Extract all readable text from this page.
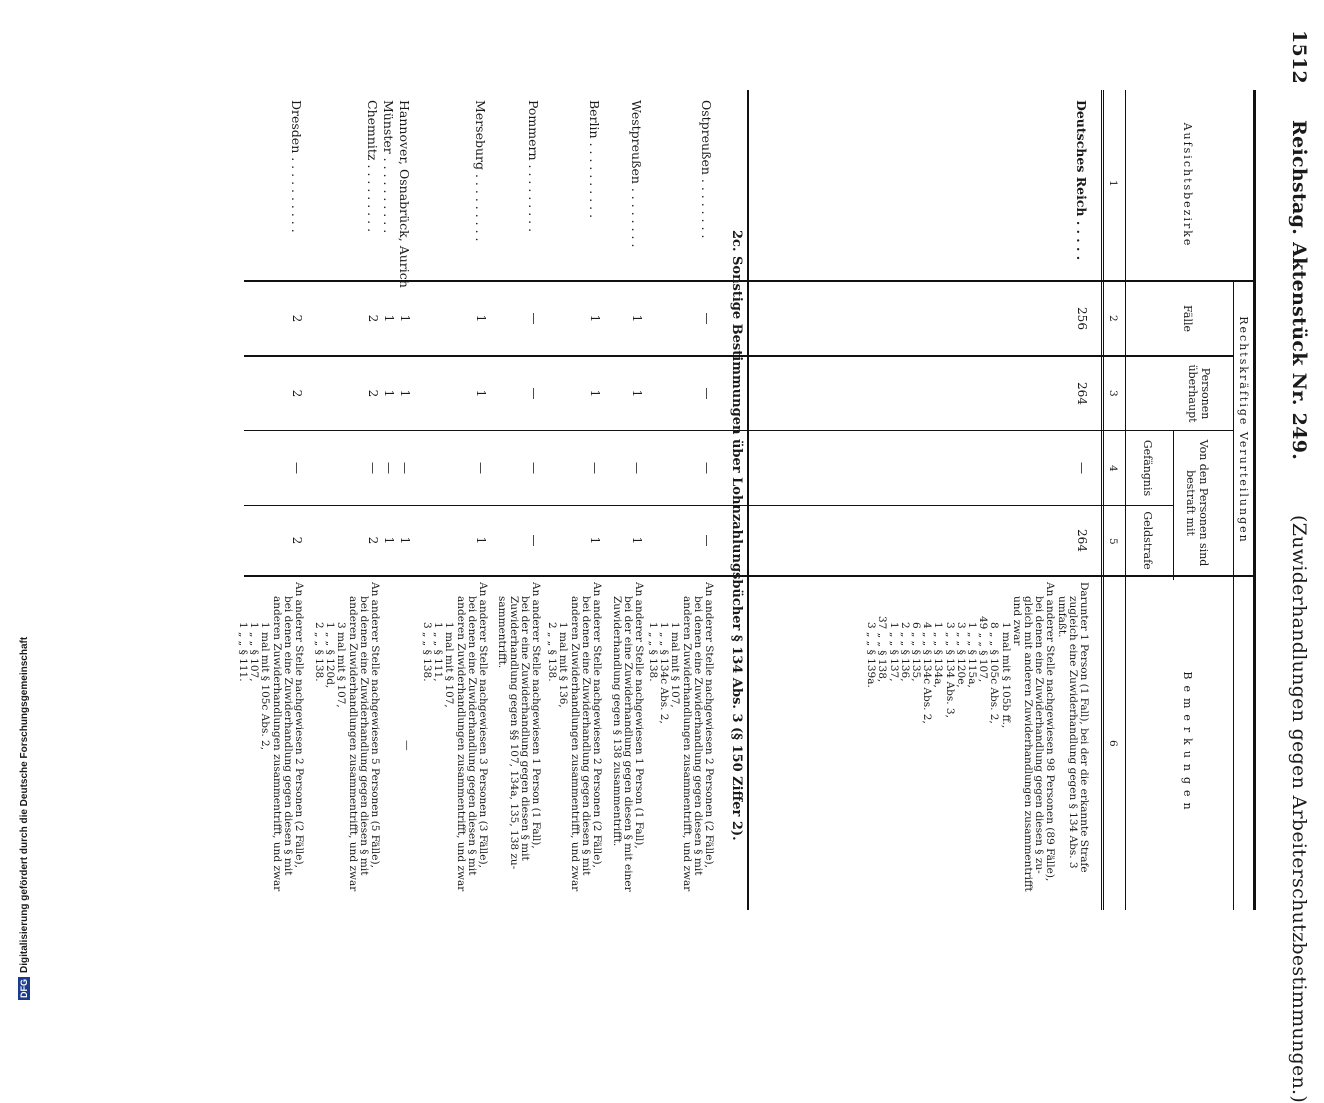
1512
Reichstag. Aktenstück Nr. 249.
(Zuwiderhandlungen gegen Arbeiterschutzbestimmungen.)
Aufsichtsbezirke
Rechtskräftige Verurteilungen
Fälle
Personen überhaupt
Von den Personen sind bestraft mit
Gefängnis
Geldstrafe
Bemerkungen
1
2
3
4
5
6
Deutsches Reich . . . . .
256
264
—
264
Darunter 1 Person (1 Fall), bei der die erkannte Strafe
zugleich eine Zuwiderhandlung gegen § 134 Abs. 3
umfaßt.
An anderer Stelle nachgewiesen 98 Personen (89 Fälle),
bei denen eine Zuwiderhandlung gegen diesen § zu-
gleich mit anderen Zuwiderhandlungen zusammentrifft
und zwar
1 mal mit § 105b ff.,
8 „ „ § 105c Abs. 2,
49 „ „ § 107,
1 „ „ § 115a,
3 „ „ § 120e,
3 „ „ § 134 Abs. 3,
1 „ „ § 134a,
4 „ „ § 134c Abs. 2,
6 „ „ § 135,
2 „ „ § 136,
1 „ „ § 137,
37 „ „ § 138,
3 „ „ § 139a.
2c. Sonstige Bestimmungen über Lohnzahlungsbücher § 134 Abs. 3 (§ 150 Ziffer 2).
Ostpreußen . . . . . . . .
—
—
—
—
An anderer Stelle nachgewiesen 2 Personen (2 Fälle),
bei denen eine Zuwiderhandlung gegen diesen § mit
anderen Zuwiderhandlungen zusammentrifft, und zwar
1 mal mit § 107,
1 „ „ § 134c Abs. 2,
1 „ „ § 138.
Westpreußen . . . . . . . .
1
1
—
1
An anderer Stelle nachgewiesen 1 Person (1 Fall),
bei der eine Zuwiderhandlung gegen diesen § mit einer
Zuwiderhandlung gegen § 138 zusammentrifft.
Berlin . . . . . . . . . .
1
1
—
1
An anderer Stelle nachgewiesen 2 Personen (2 Fälle),
bei denen eine Zuwiderhandlung gegen diesen § mit
anderen Zuwiderhandlungen zusammentrifft, und zwar
1 mal mit § 136,
2 „ „ § 138.
Pommern . . . . . . . . .
—
—
—
—
An anderer Stelle nachgewiesen 1 Person (1 Fall),
bei der eine Zuwiderhandlung gegen diesen § mit
Zuwiderhandlung gegen §§ 107, 134a, 135, 138 zu-
sammentrifft.
Merseburg . . . . . . . . .
1
1
—
1
An anderer Stelle nachgewiesen 3 Personen (3 Fälle),
bei denen eine Zuwiderhandlung gegen diesen § mit
anderen Zuwiderhandlungen zusammentrifft, und zwar
1 mal mit § 107,
1 „ „ § 111,
3 „ „ § 138.
Hannover, Osnabrück, Aurich
1
1
—
1
—
Münster . . . . . . . . . .
1
1
—
1
Chemnitz . . . . . . . . .
2
2
—
2
An anderer Stelle nachgewiesen 5 Personen (5 Fälle),
bei denen eine Zuwiderhandlung gegen diesen § mit
anderen Zuwiderhandlungen zusammentrifft, und zwar
3 mal mit § 107,
1 „ „ § 120d,
2 „ „ § 138.
Dresden . . . . . . . . . .
2
2
—
2
An anderer Stelle nachgewiesen 2 Personen (2 Fälle),
bei denen eine Zuwiderhandlung gegen diesen § mit
anderen Zuwiderhandlungen zusammentrifft, und zwar
1 mal mit § 105c Abs. 2,
1 „ „ § 107,
1 „ „ § 111.
DFGDigitalisierung gefördert durch die Deutsche Forschungsgemeinschaft
